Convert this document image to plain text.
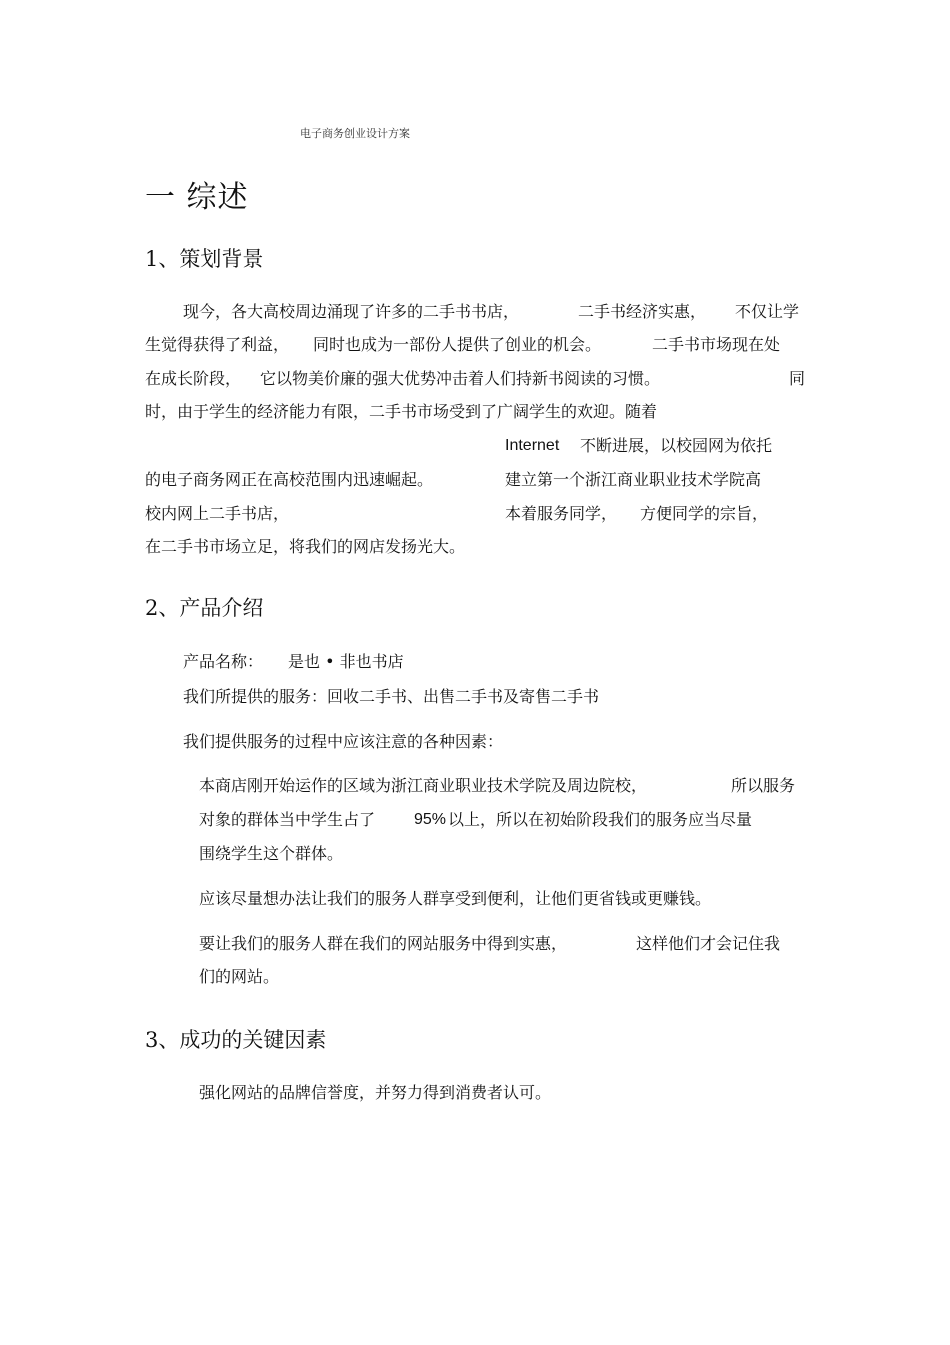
电子商务创业设计方案
一 综述
1、策划背景
现今，各大高校周边涌现了许多的二手书书店，	二手书经济实惠， 不仅让学
生觉得获得了利益， 同时也成为一部份人提供了创业的机会。	二手书市场现在处
在成长阶段， 它以物美价廉的强大优势冲击着人们持新书阅读的习惯。	同
时，由于学生的经济能力有限，二手书市场受到了广阔学生的欢迎。随着
Internet 不断进展，以校园网为依托
的电子商务网正在高校范围内迅速崛起。	建立第一个浙江商业职业技术学院高
校内网上二手书店，	本着服务同学， 方便同学的宗旨，
在二手书市场立足，将我们的网店发扬光大。
2、产品介绍
产品名称： 是也 • 非也书店
我们所提供的服务：回收二手书、出售二手书及寄售二手书
我们提供服务的过程中应该注意的各种因素：
本商店刚开始运作的区域为浙江商业职业技术学院及周边院校，	所以服务
对象的群体当中学生占了 95% 以上，所以在初始阶段我们的服务应当尽量
围绕学生这个群体。
应该尽量想办法让我们的服务人群享受到便利，让他们更省钱或更赚钱。
要让我们的服务人群在我们的网站服务中得到实惠，	这样他们才会记住我
们的网站。
3、成功的关键因素
强化网站的品牌信誉度，并努力得到消费者认可。
